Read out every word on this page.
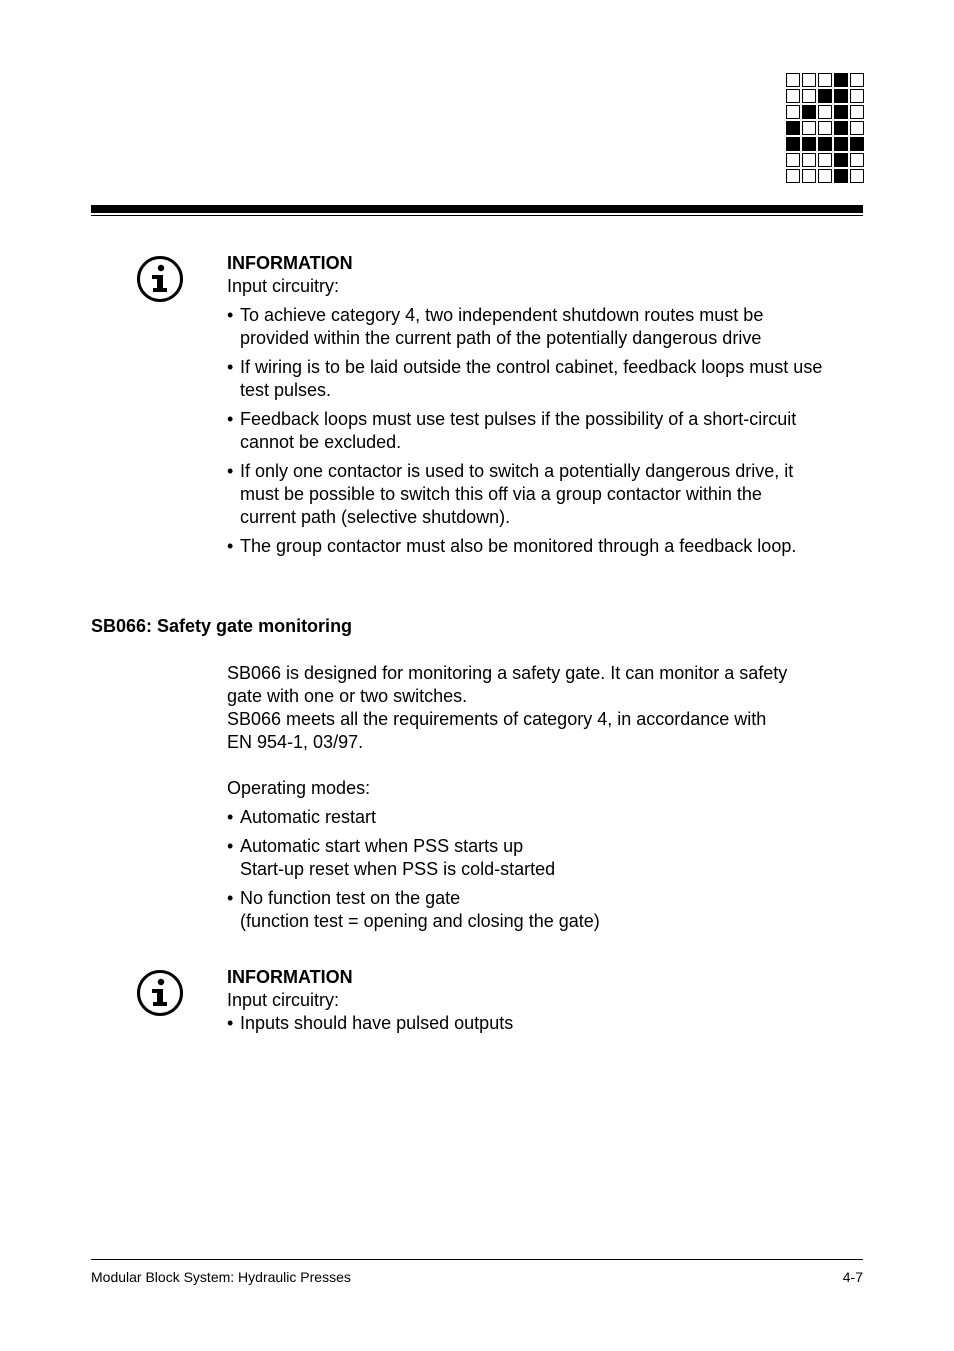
INFORMATION
Input circuitry:
• To achieve category 4, two independent shutdown routes must be
provided within the current path of the potentially dangerous drive
• If wiring is to be laid outside the control cabinet, feedback loops must use
test pulses.
• Feedback loops must use test pulses if the possibility of a short-circuit
cannot be excluded.
• If only one contactor is used to switch a potentially dangerous drive, it
must be possible to switch this off via a group contactor within the
current path (selective shutdown).
• The group contactor must also be monitored through a feedback loop.
SB066: Safety gate monitoring
SB066 is designed for monitoring a safety gate. It can monitor a safety
gate with one or two switches.
SB066 meets all the requirements of category 4, in accordance with
EN 954-1, 03/97.
Operating modes:
• Automatic restart
• Automatic start when PSS starts up
Start-up reset when PSS is cold-started
• No function test on the gate
(function test = opening and closing the gate)
INFORMATION
Input circuitry:
• Inputs should have pulsed outputs
Modular Block System: Hydraulic Presses	4-7
